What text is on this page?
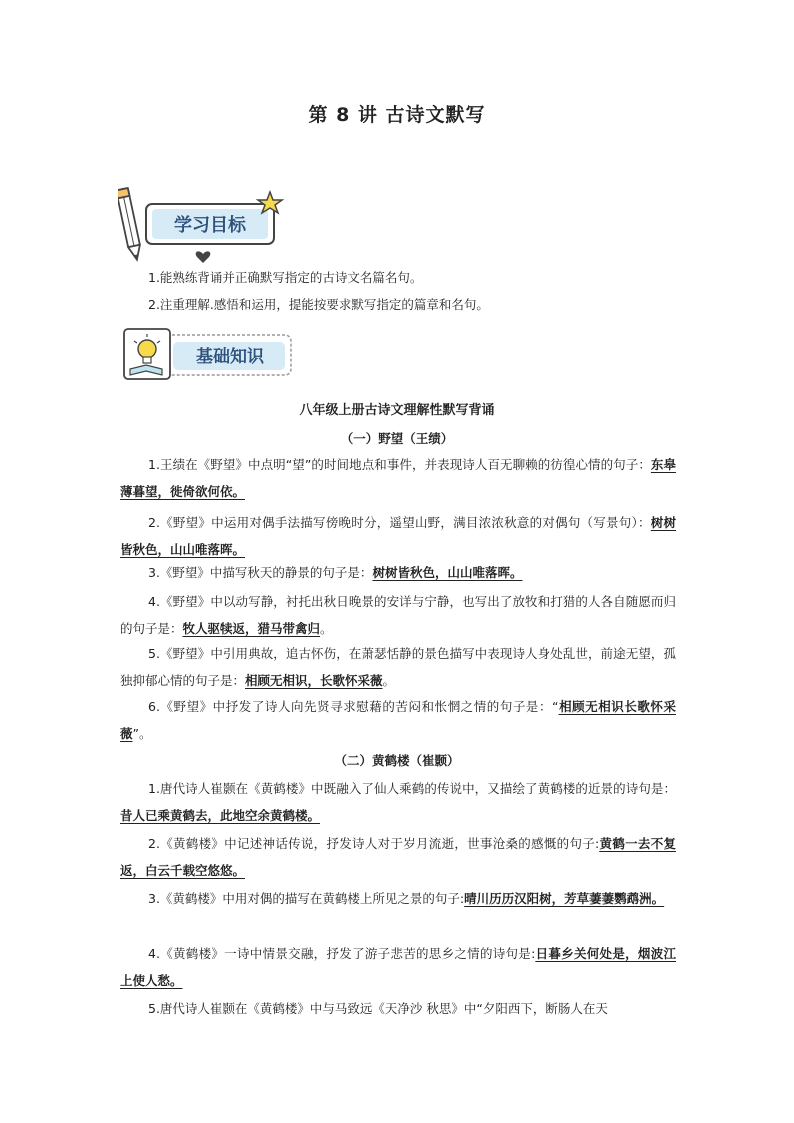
第 8 讲 古诗文默写
学习目标
1.能熟练背诵并正确默写指定的古诗文名篇名句。
2.注重理解.感悟和运用，提能按要求默写指定的篇章和名句。
基础知识
八年级上册古诗文理解性默写背诵
（一）野望（王绩）
1.王绩在《野望》中点明“望”的时间地点和事件，并表现诗人百无聊赖的彷徨心情的句子：东皋薄暮望，徙倚欲何依。
2.《野望》中运用对偶手法描写傍晚时分，遥望山野，满目浓浓秋意的对偶句（写景句）：树树皆秋色，山山唯落晖。
3.《野望》中描写秋天的静景的句子是：树树皆秋色，山山唯落晖。
4.《野望》中以动写静，衬托出秋日晚景的安详与宁静，也写出了放牧和打猎的人各自随愿而归的句子是：牧人驱犊返，猎马带禽归。
5.《野望》中引用典故，追古怀伤，在萧瑟恬静的景色描写中表现诗人身处乱世，前途无望，孤独抑郁心情的句子是：相顾无相识，长歌怀采薇。
6.《野望》中抒发了诗人向先贤寻求慰藉的苦闷和怅惘之情的句子是：“相顾无相识长歌怀采薇”。
（二）黄鹤楼（崔颢）
1.唐代诗人崔颢在《黄鹤楼》中既融入了仙人乘鹤的传说中，又描绘了黄鹤楼的近景的诗句是：昔人已乘黄鹤去，此地空余黄鹤楼。
2.《黄鹤楼》中记述神话传说，抒发诗人对于岁月流逝，世事沧桑的感慨的句子:黄鹤一去不复返，白云千载空悠悠。
3.《黄鹤楼》中用对偶的描写在黄鹤楼上所见之景的句子:晴川历历汉阳树，芳草萋萋鹦鹉洲。
4.《黄鹤楼》一诗中情景交融，抒发了游子悲苦的思乡之情的诗句是:日暮乡关何处是，烟波江上使人愁。
5.唐代诗人崔颢在《黄鹤楼》中与马致远《天净沙 秋思》中“夕阳西下，断肠人在天
